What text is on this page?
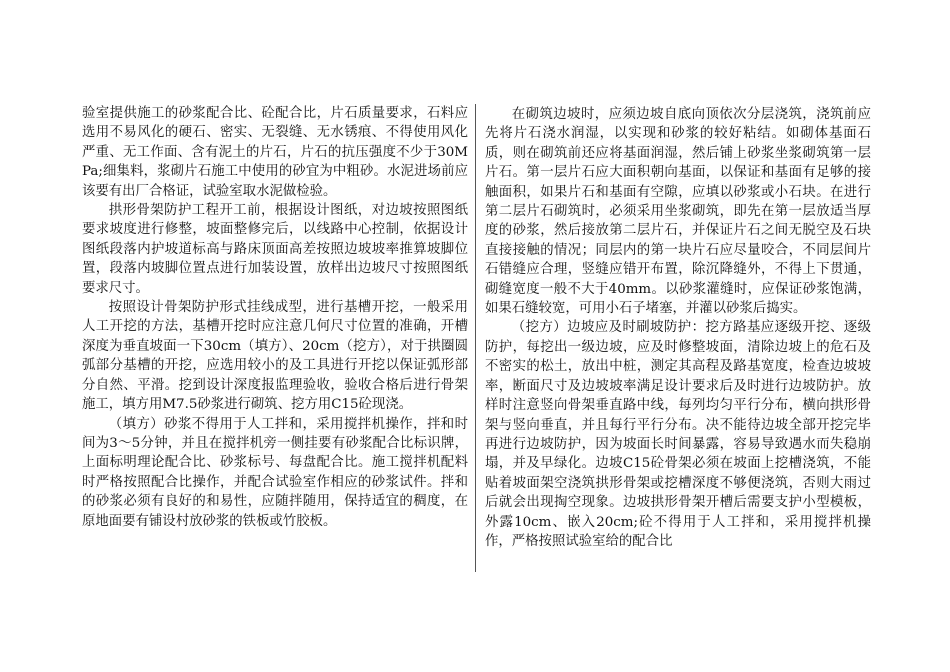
验室提供施工的砂浆配合比、砼配合比，片石质量要求，石料应选用不易风化的硬石、密实、无裂缝、无水锈痕、不得使用风化严重、无工作面、含有泥土的片石，片石的抗压强度不少于30MPa;细集料，浆砌片石施工中使用的砂宜为中粗砂。水泥进场前应该要有出厂合格证，试验室取水泥做检验。

拱形骨架防护工程开工前，根据设计图纸，对边坡按照图纸要求坡度进行修整，坡面整修完后，以线路中心控制，依据设计图纸段落内护坡道标高与路床顶面高差按照边坡坡率推算坡脚位置，段落内坡脚位置点进行加装设置，放样出边坡尺寸按照图纸要求尺寸。

按照设计骨架防护形式挂线成型，进行基槽开挖，一般采用人工开挖的方法，基槽开挖时应注意几何尺寸位置的准确，开槽深度为垂直坡面一下30cm（填方）、20cm（挖方），对于拱圈圆弧部分基槽的开挖，应选用较小的及工具进行开挖以保证弧形部分自然、平滑。挖到设计深度报监理验收，验收合格后进行骨架施工，填方用M7.5砂浆进行砌筑、挖方用C15砼现浇。

（填方）砂浆不得用于人工拌和，采用搅拌机操作，拌和时间为3～5分钟，并且在搅拌机旁一侧挂要有砂浆配合比标识牌，上面标明理论配合比、砂浆标号、每盘配合比。施工搅拌机配料时严格按照配合比操作，并配合试验室作相应的砂浆试件。拌和的砂浆必须有良好的和易性，应随拌随用，保持适宜的稠度，在原地面要有铺设村放砂浆的铁板或竹胶板。

在砌筑边坡时，应须边坡自底向顶依次分层浇筑，浇筑前应先将片石浇水润湿，以实现和砂浆的较好粘结。如砌体基面石质，则在砌筑前还应将基面润湿，然后铺上砂浆坐浆砌筑第一层片石。第一层片石应大面积朝向基面，以保证和基面有足够的接触面积，如果片石和基面有空隙，应填以砂浆或小石块。在进行第二层片石砌筑时，必须采用坐浆砌筑，即先在第一层放适当厚度的砂浆，然后接放第二层片石，并保证片石之间无脱空及石块直接接触的情况；同层内的第一块片石应尽量咬合，不同层间片石错缝应合理，竖缝应错开布置，除沉降缝外，不得上下贯通，砌缝宽度一般不大于40mm。以砂浆灌缝时，应保证砂浆饱满，如果石缝较宽，可用小石子堵塞，并灌以砂浆后捣实。

（挖方）边坡应及时刷坡防护：挖方路基应逐级开挖、逐级防护，每挖出一级边坡，应及时修整坡面，清除边坡上的危石及不密实的松土，放出中桩，测定其高程及路基宽度，检查边坡坡率，断面尺寸及边坡坡率满足设计要求后及时进行边坡防护。放样时注意竖向骨架垂直路中线，每列均匀平行分布，横向拱形骨架与竖向垂直，并且每行平行分布。决不能待边坡全部开挖完毕再进行边坡防护，因为坡面长时间暴露，容易导致遇水而失稳崩塌，并及早绿化。边坡C15砼骨架必须在坡面上挖槽浇筑，不能贴着坡面架空浇筑拱形骨架或挖槽深度不够便浇筑，否则大雨过后就会出现掏空现象。边坡拱形骨架开槽后需要支护小型模板，外露10cm、嵌入20cm;砼不得用于人工拌和，采用搅拌机操作，严格按照试验室给的配合比
